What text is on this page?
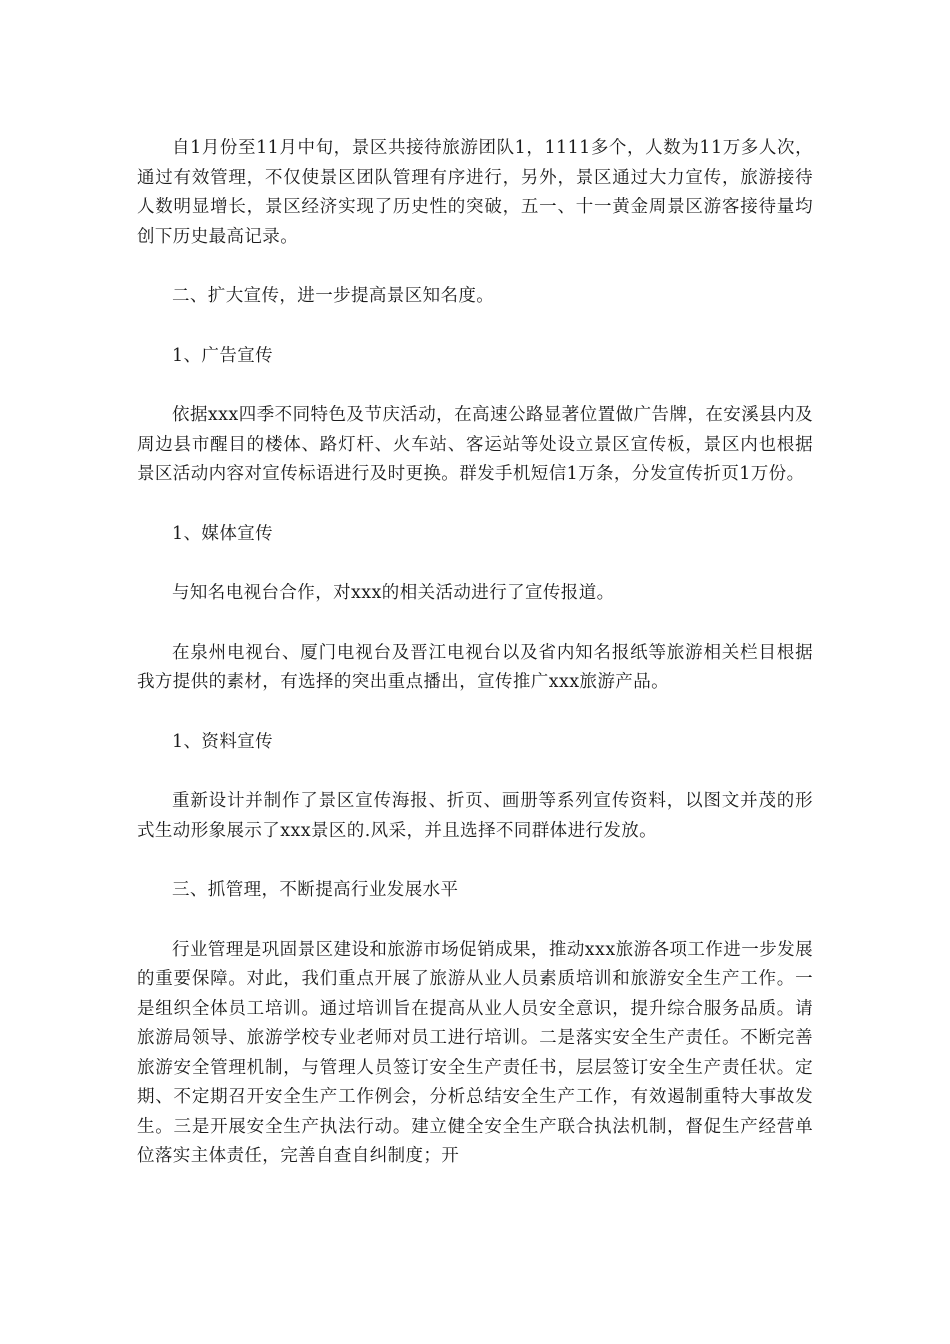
自1月份至11月中旬，景区共接待旅游团队1，1111多个，人数为11万多人次，通过有效管理，不仅使景区团队管理有序进行，另外，景区通过大力宣传，旅游接待人数明显增长，景区经济实现了历史性的突破，五一、十一黄金周景区游客接待量均创下历史最高记录。

二、扩大宣传，进一步提高景区知名度。

1、广告宣传

依据xxx四季不同特色及节庆活动，在高速公路显著位置做广告牌，在安溪县内及周边县市醒目的楼体、路灯杆、火车站、客运站等处设立景区宣传板，景区内也根据景区活动内容对宣传标语进行及时更换。群发手机短信1万条，分发宣传折页1万份。

1、媒体宣传

与知名电视台合作，对xxx的相关活动进行了宣传报道。

在泉州电视台、厦门电视台及晋江电视台以及省内知名报纸等旅游相关栏目根据我方提供的素材，有选择的突出重点播出，宣传推广xxx旅游产品。

1、资料宣传

重新设计并制作了景区宣传海报、折页、画册等系列宣传资料，以图文并茂的形式生动形象展示了xxx景区的.风采，并且选择不同群体进行发放。

三、抓管理，不断提高行业发展水平

行业管理是巩固景区建设和旅游市场促销成果，推动xxx旅游各项工作进一步发展的重要保障。对此，我们重点开展了旅游从业人员素质培训和旅游安全生产工作。一是组织全体员工培训。通过培训旨在提高从业人员安全意识，提升综合服务品质。请旅游局领导、旅游学校专业老师对员工进行培训。二是落实安全生产责任。不断完善旅游安全管理机制，与管理人员签订安全生产责任书，层层签订安全生产责任状。定期、不定期召开安全生产工作例会，分析总结安全生产工作，有效遏制重特大事故发生。三是开展安全生产执法行动。建立健全安全生产联合执法机制，督促生产经营单位落实主体责任，完善自查自纠制度；开
